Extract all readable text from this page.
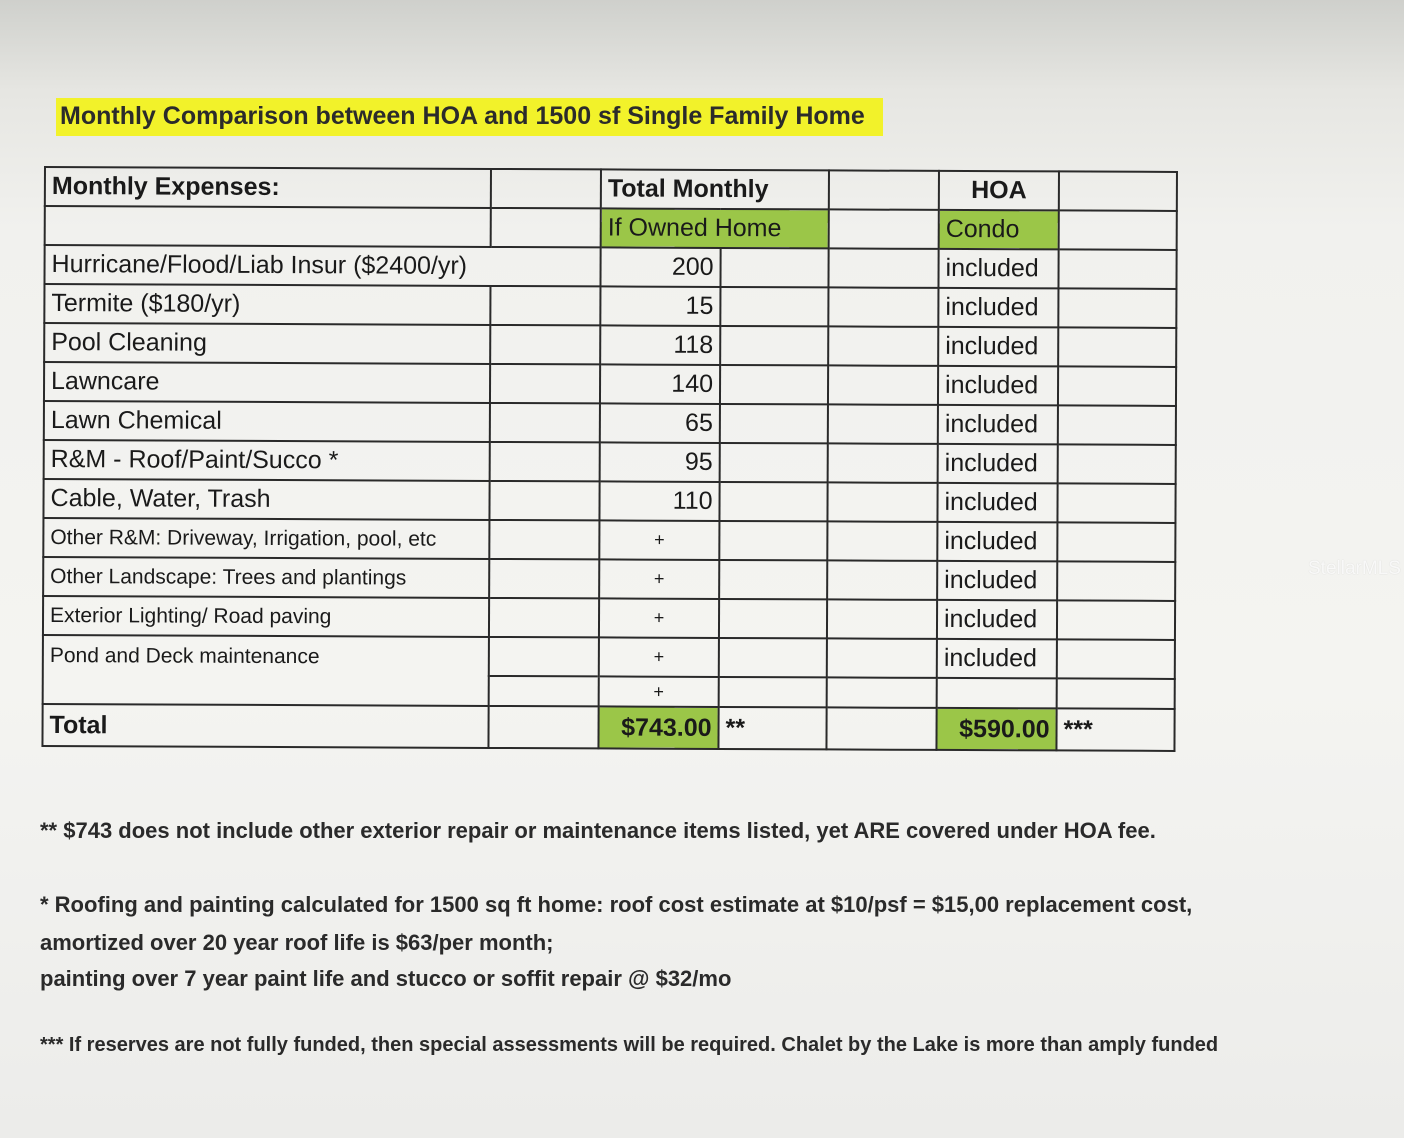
Monthly Comparison between HOA and 1500 sf Single Family Home
Monthly Expenses:		Total Monthly			HOA	
		If Owned Home			Condo	
Hurricane/Flood/Liab Insur ($2400/yr)		200			included	
Termite ($180/yr)		15			included	
Pool Cleaning		118			included	
Lawncare		140			included	
Lawn Chemical		65			included	
R&M - Roof/Paint/Succo *		95			included	
Cable, Water, Trash		110			included	
Other R&M: Driveway, Irrigation, pool, etc		+			included	
Other Landscape: Trees and plantings		+			included	
Exterior Lighting/ Road paving		+			included	
Pond and Deck maintenance		+			included	
		+				
Total		$743.00	**		$590.00	***
** $743 does not include other exterior repair or maintenance items listed, yet ARE covered under HOA fee.
* Roofing and painting calculated for 1500 sq ft home: roof cost estimate at $10/psf = $15,00 replacement cost,
amortized over 20 year roof life is $63/per month;
painting over 7 year paint life and stucco or soffit repair @ $32/mo
*** If reserves are not fully funded, then special assessments will be required. Chalet by the Lake is more than amply funded
StellarMLS
